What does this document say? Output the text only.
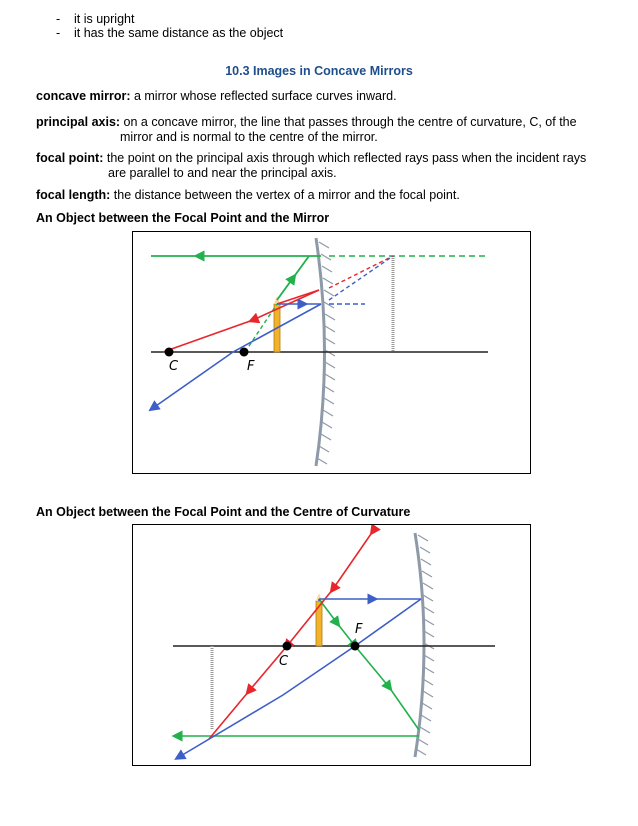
- it is upright
- it has the same distance as the object
10.3 Images in Concave Mirrors
concave mirror: a mirror whose reflected surface curves inward.
principal axis: on a concave mirror, the line that passes through the centre of curvature, C, of the
mirror and is normal to the centre of the mirror.
focal point: the point on the principal axis through which reflected rays pass when the incident rays
are parallel to and near the principal axis.
focal length: the distance between the vertex of a mirror and the focal point.
An Object between the Focal Point and the Mirror
C	F
An Object between the Focal Point and the Centre of Curvature
C
F
